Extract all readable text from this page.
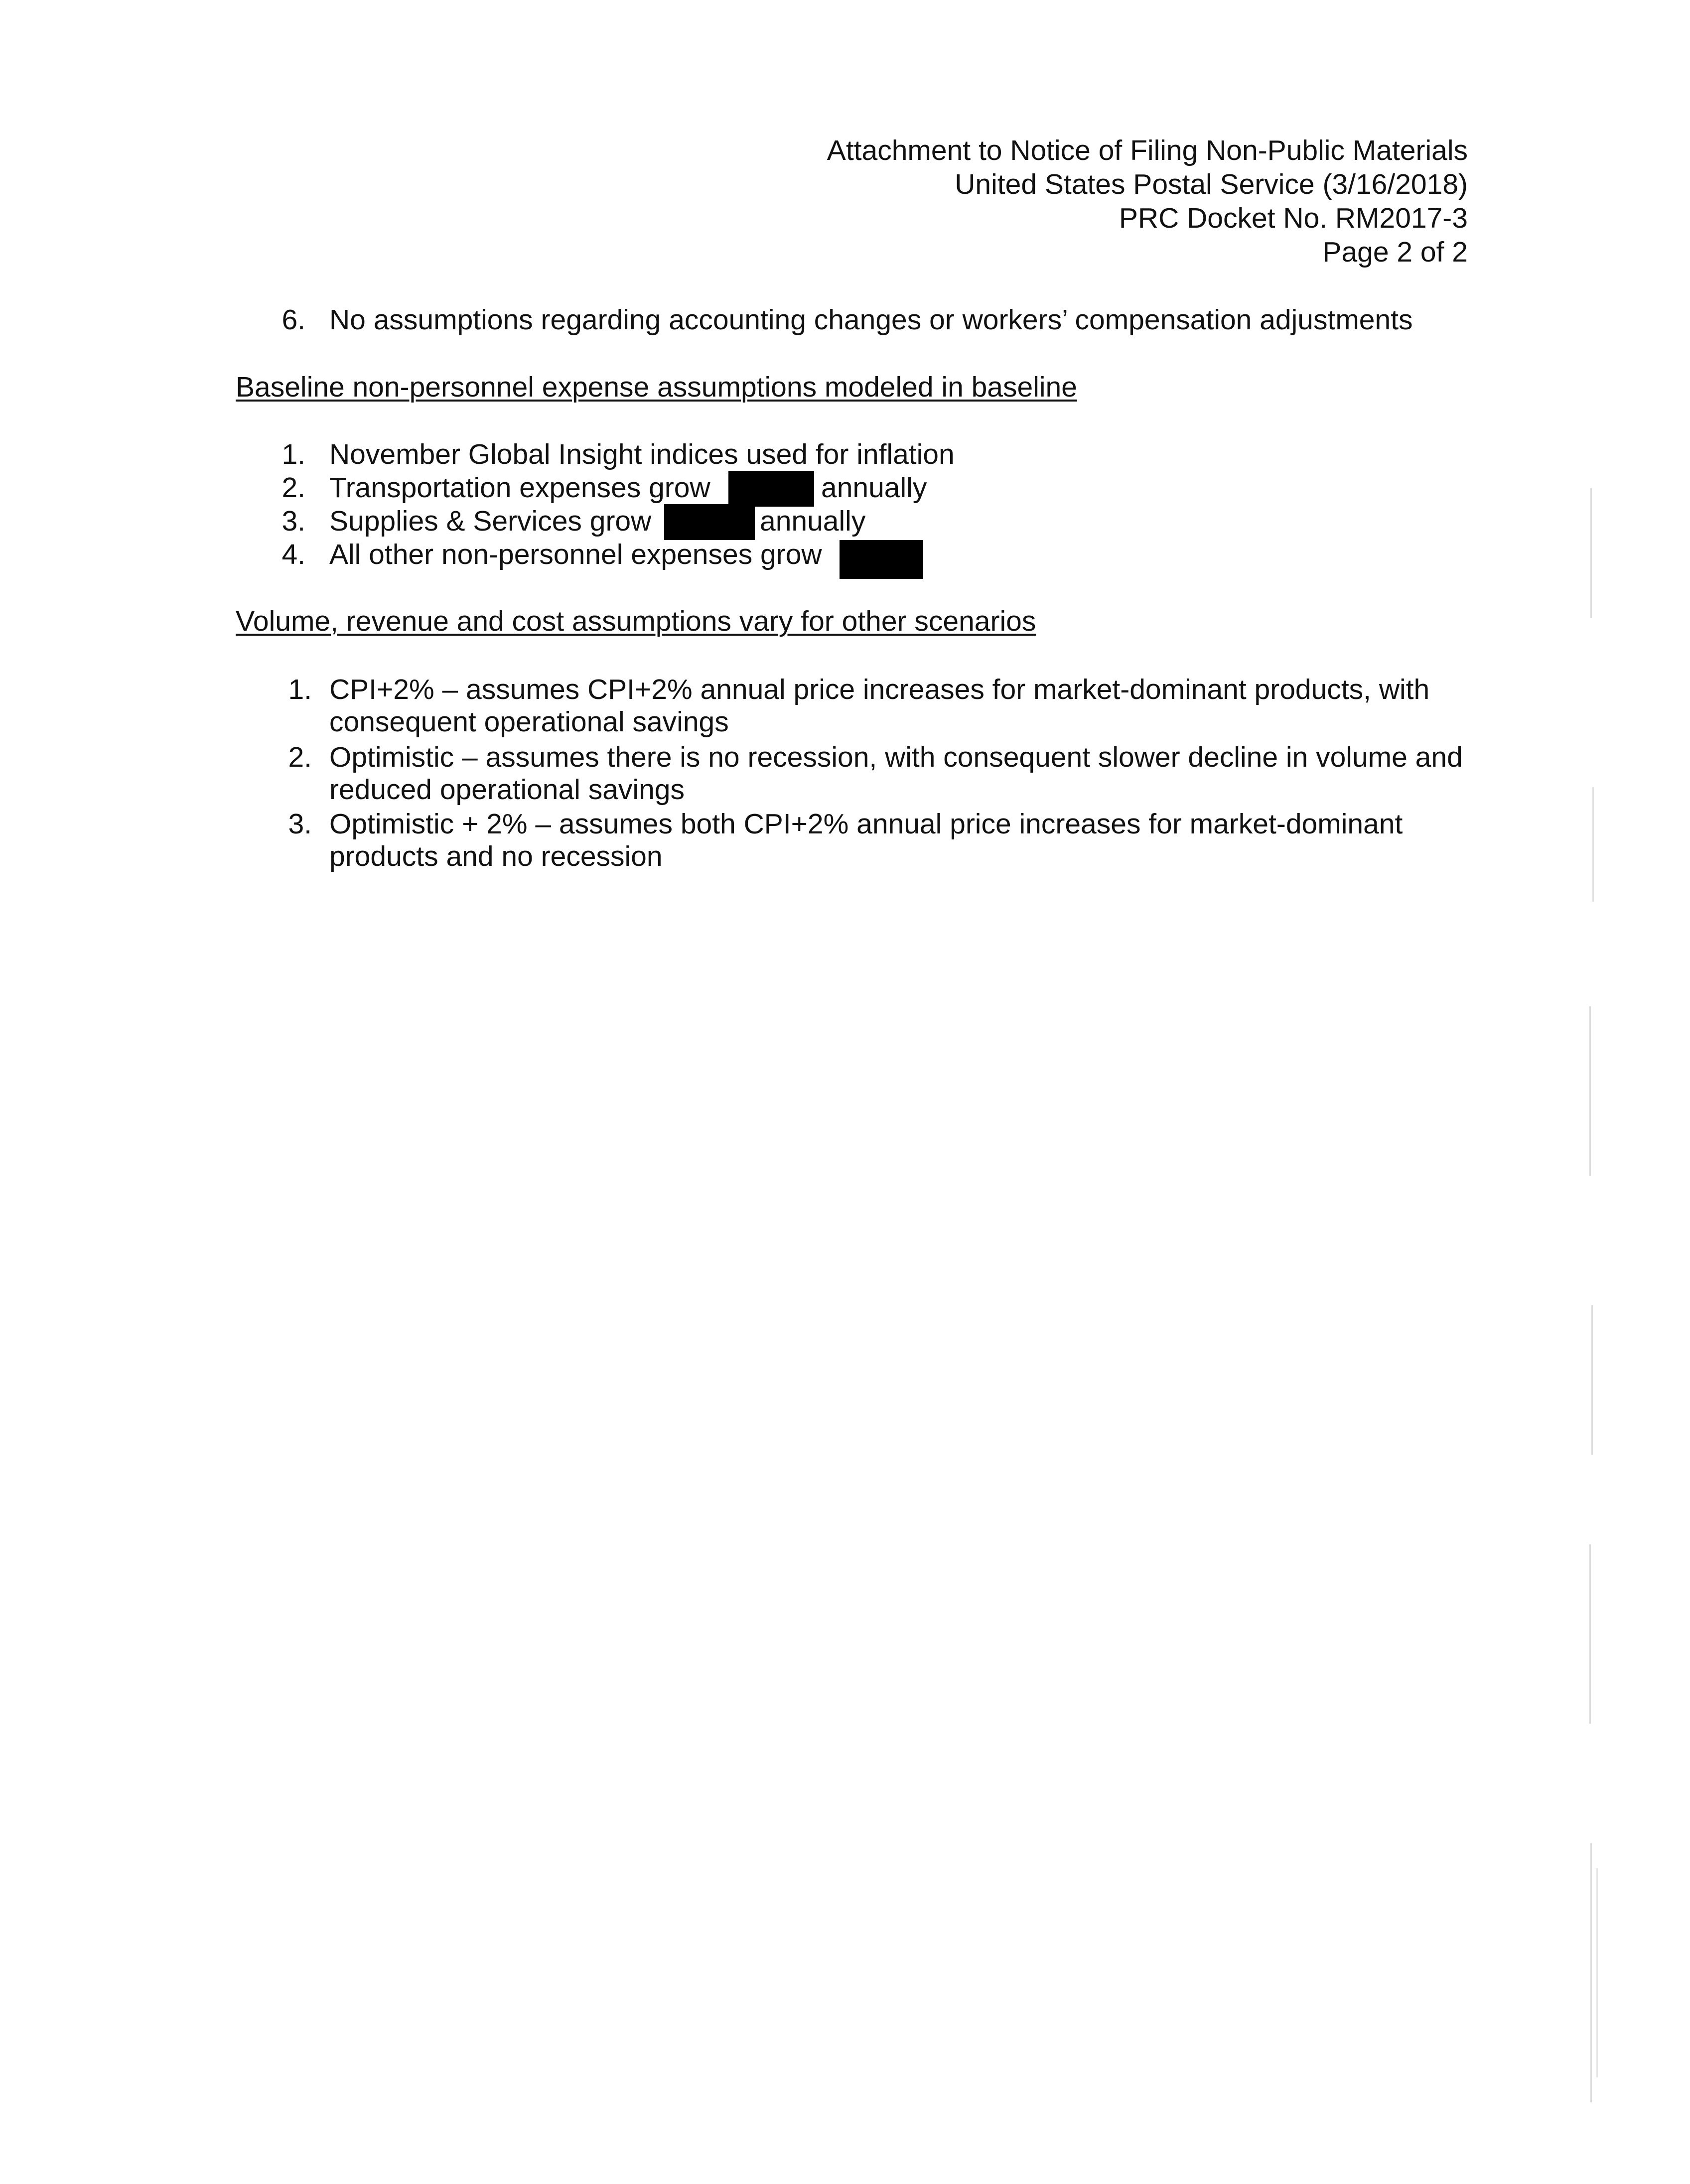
Attachment to Notice of Filing Non-Public Materials
United States Postal Service (3/16/2018)
PRC Docket No. RM2017-3
Page 2 of 2
6. No assumptions regarding accounting changes or workers’ compensation adjustments
Baseline non-personnel expense assumptions modeled in baseline
1. November Global Insight indices used for inflation
2. Transportation expenses grow	annually
3. Supplies & Services grow	annually
4. All other non-personnel expenses grow
Volume, revenue and cost assumptions vary for other scenarios
1. CPI+2% – assumes CPI+2% annual price increases for market-dominant products, with consequent operational savings
2. Optimistic – assumes there is no recession, with consequent slower decline in volume and reduced operational savings
3. Optimistic + 2% – assumes both CPI+2% annual price increases for market-dominant products and no recession
